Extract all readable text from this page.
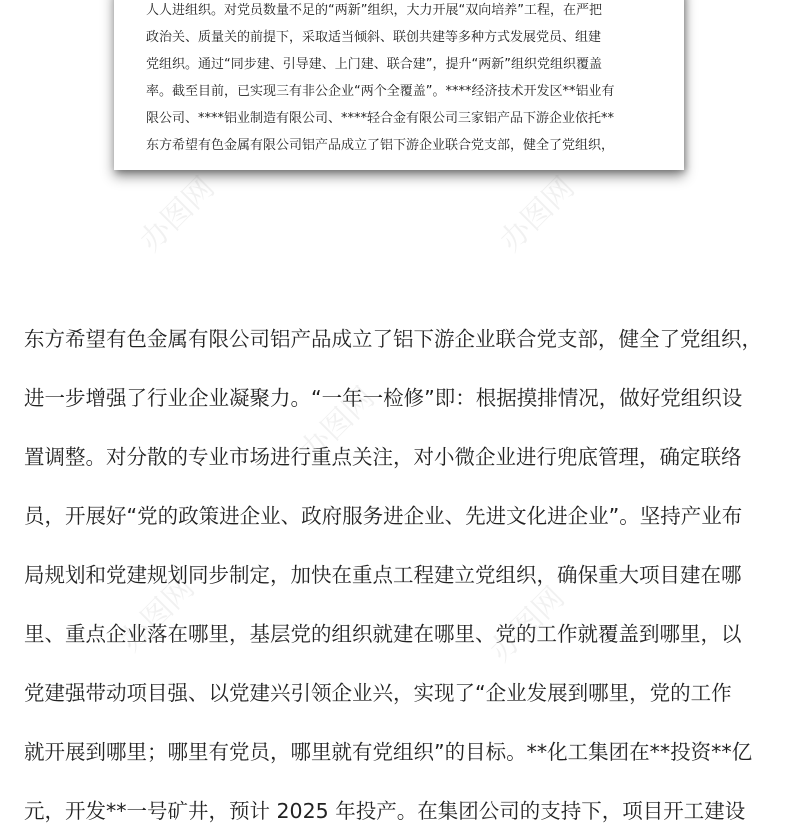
人人进组织。对党员数量不足的“两新”组织，大力开展“双向培养”工程，在严把
政治关、质量关的前提下，采取适当倾斜、联创共建等多种方式发展党员、组建
党组织。通过“同步建、引导建、上门建、联合建”，提升“两新”组织党组织覆盖
率。截至目前，已实现三有非公企业“两个全覆盖”。****经济技术开发区**铝业有
限公司、****铝业制造有限公司、****轻合金有限公司三家铝产品下游企业依托**
东方希望有色金属有限公司铝产品成立了铝下游企业联合党支部，健全了党组织，
东方希望有色金属有限公司铝产品成立了铝下游企业联合党支部，健全了党组织，
进一步增强了行业企业凝聚力。“一年一检修”即：根据摸排情况，做好党组织设
置调整。对分散的专业市场进行重点关注，对小微企业进行兜底管理，确定联络
员，开展好“党的政策进企业、政府服务进企业、先进文化进企业”。坚持产业布
局规划和党建规划同步制定，加快在重点工程建立党组织，确保重大项目建在哪
里、重点企业落在哪里，基层党的组织就建在哪里、党的工作就覆盖到哪里，以
党建强带动项目强、以党建兴引领企业兴，实现了“企业发展到哪里，党的工作
就开展到哪里；哪里有党员，哪里就有党组织”的目标。**化工集团在**投资**亿
元，开发**一号矿井，预计 2025 年投产。在集团公司的支持下，项目开工建设
办图网	办图网
办图网
办图网	办图网
